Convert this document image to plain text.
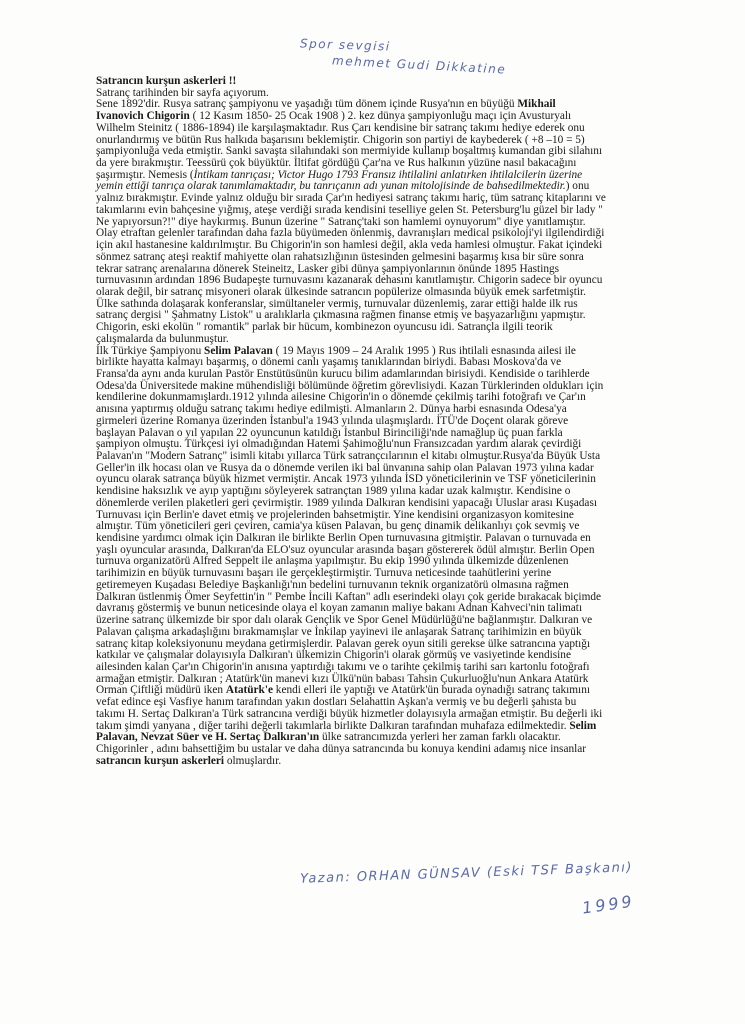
Spor sevgisi
mehmet Gudi Dikkatine

Satrancın kurşun askerleri !!

Satranç tarihinden bir sayfa açıyorum.

Sene 1892'dir. Rusya satranç şampiyonu ve yaşadığı tüm dönem içinde Rusya'nın en büyüğü Mikhail

Ivanovich Chigorin ( 12 Kasım 1850- 25 Ocak 1908 ) 2. kez dünya şampiyonluğu maçı için Avusturyalı

Wilhelm Steinitz ( 1886-1894) ile karşılaşmaktadır. Rus Çarı kendisine bir satranç takımı hediye ederek onu

onurlandırmış ve bütün Rus halkıda başarısını beklemiştir. Chigorin son partiyi de kaybederek ( +8 –10 = 5)

şampiyonluğa veda etmiştir. Sanki savaşta silahındaki son mermiyide kullanıp boşaltmış kumandan gibi silahını

da yere bırakmıştır. Teessürü çok büyüktür. İltifat gördüğü Çar'na ve Rus halkının yüzüne nasıl bakacağını

şaşırmıştır. Nemesis (İntikam tanrıçası; Victor Hugo 1793 Fransız ihtilalini anlatırken ihtilalcilerin üzerine

yemin ettiği tanrıça olarak tanımlamaktadır, bu tanrıçanın adı yunan mitolojisinde de bahsedilmektedir.) onu

yalnız bırakmıştır. Evinde yalnız olduğu bir sırada Çar'ın hediyesi satranç takımı hariç, tüm satranç kitaplarını ve

takımlarını evin bahçesine yığmış, ateşe verdiği sırada kendisini teselliye gelen St. Petersburg'lu güzel bir lady "

Ne yapıyorsun?!" diye haykırmış. Bunun üzerine " Satranç'taki son hamlemi oynuyorum" diye yanıtlamıştır.

Olay etraftan gelenler tarafından daha fazla büyümeden önlenmiş, davranışları medical psikoloji'yi ilgilendirdiği

için akıl hastanesine kaldırılmıştır. Bu Chigorin'in son hamlesi değil, akla veda hamlesi olmuştur. Fakat içindeki

sönmez satranç ateşi reaktif mahiyette olan rahatsızlığının üstesinden gelmesini başarmış kısa bir süre sonra

tekrar satranç arenalarına dönerek Steineitz, Lasker gibi dünya şampiyonlarının önünde 1895 Hastings

turnuvasının ardından 1896 Budapeşte turnuvasını kazanarak dehasını kanıtlamıştır. Chigorin sadece bir oyuncu

olarak değil, bir satranç misyoneri olarak ülkesinde satrancın popülerize olmasında büyük emek sarfetmiştir.

Ülke sathında dolaşarak konferanslar, simültaneler vermiş, turnuvalar düzenlemiş, zarar ettiği halde ilk rus

satranç dergisi " Şahmatny Listok" u aralıklarla çıkmasına rağmen finanse etmiş ve başyazarlığını yapmıştır.

Chigorin, eski ekolün " romantik" parlak bir hücum, kombinezon oyuncusu idi. Satrançla ilgili teorik

çalışmalarda da bulunmuştur.

İlk Türkiye Şampiyonu Selim Palavan ( 19 Mayıs 1909 – 24 Aralık 1995 ) Rus ihtilali esnasında ailesi ile

birlikte hayatta kalmayı başarmış, o dönemi canlı yaşamış tanıklarından biriydi. Babası Moskova'da ve

Fransa'da aynı anda kurulan Pastör Enstütüsünün kurucu bilim adamlarından birisiydi. Kendiside o tarihlerde

Odesa'da Üniversitede makine mühendisliği bölümünde öğretim görevlisiydi. Kazan Türklerinden oldukları için

kendilerine dokunmamışlardı.1912 yılında ailesine Chigorin'in o dönemde çekilmiş tarihi fotoğrafı ve Çar'ın

anısına yaptırmış olduğu satranç takımı hediye edilmişti. Almanların 2. Dünya harbi esnasında Odesa'ya

girmeleri üzerine Romanya üzerinden İstanbul'a 1943 yılında ulaşmışlardı. İTÜ'de Doçent olarak göreve

başlayan Palavan o yıl yapılan 22 oyuncunun katıldığı İstanbul Birinciliği'nde namağlup üç puan farkla

şampiyon olmuştu. Türkçesi iyi olmadığından Hatemi Şahimoğlu'nun Fransızcadan yardım alarak çevirdiği

Palavan'ın "Modern Satranç" isimli kitabı yıllarca Türk satrançcılarının el kitabı olmuştur.Rusya'da Büyük Usta

Geller'in ilk hocası olan ve Rusya da o dönemde verilen iki bal ünvanına sahip olan Palavan 1973 yılına kadar

oyuncu olarak satrança büyük hizmet vermiştir. Ancak 1973 yılında İSD yöneticilerinin ve TSF yöneticilerinin

kendisine haksızlık ve ayıp yaptığını söyleyerek satrançtan 1989 yılına kadar uzak kalmıştır. Kendisine o

dönemlerde verilen plaketleri geri çevirmiştir. 1989 yılında Dalkıran kendisini yapacağı Uluslar arası Kuşadası

Turnuvası için Berlin'e davet etmiş ve projelerinden bahsetmiştir. Yine kendisini organizasyon komitesine

almıştır. Tüm yöneticileri geri çeviren, camia'ya küsen Palavan, bu genç dinamik delikanlıyı çok sevmiş ve

kendisine yardımcı olmak için Dalkıran ile birlikte Berlin Open turnuvasına gitmiştir. Palavan o turnuvada en

yaşlı oyuncular arasında, Dalkıran'da ELO'suz oyuncular arasında başarı göstererek ödül almıştır. Berlin Open

turnuva organizatörü Alfred Seppelt ile anlaşma yapılmıştır. Bu ekip 1990 yılında ülkemizde düzenlenen

tarihimizin en büyük turnuvasını başarı ile gerçekleştirmiştir. Turnuva neticesinde taahütlerini yerine

getiremeyen Kuşadası Belediye Başkanlığı'nın bedelini turnuvanın teknik organizatörü olmasına rağmen

Dalkıran üstlenmiş Ömer Seyfettin'in " Pembe İncili Kaftan" adlı eserindeki olayı çok geride bırakacak biçimde

davranış göstermiş ve bunun neticesinde olaya el koyan zamanın maliye bakanı Adnan Kahveci'nin talimatı

üzerine satranç ülkemizde bir spor dalı olarak Gençlik ve Spor Genel Müdürlüğü'ne bağlanmıştır. Dalkıran ve

Palavan çalışma arkadaşlığını bırakmamışlar ve İnkilap yayinevi ile anlaşarak Satranç tarihimizin en büyük

satranç kitap koleksiyonunu meydana getirmişlerdir. Palavan gerek oyun sitili gerekse ülke satrancına yaptığı

katkılar ve çalışmalar dolayısıyla Dalkıran'ı ülkemizin Chigorin'i olarak görmüş ve vasiyetinde kendisine

ailesinden kalan Çar'ın Chigorin'in anısına yaptırdığı takımı ve o tarihte çekilmiş tarihi sarı kartonlu fotoğrafı

armağan etmiştir. Dalkıran ; Atatürk'ün manevi kızı Ülkü'nün babası Tahsin Çukurluoğlu'nun Ankara Atatürk

Orman Çiftliği müdürü iken Atatürk'e kendi elleri ile yaptığı ve Atatürk'ün burada oynadığı satranç takımını

vefat edince eşi Vasfiye hanım tarafından yakın dostları Selahattin Aşkan'a vermiş ve bu değerli şahısta bu

takımı H. Sertaç Dalkıran'a Türk satrancına verdiği büyük hizmetler dolayısıyla armağan etmiştir. Bu değerli iki

takım şimdi yanyana , diğer tarihi değerli takımlarla birlikte Dalkıran tarafından muhafaza edilmektedir. Selim

Palavan, Nevzat Süer ve H. Sertaç Dalkıran'ın ülke satrancımızda yerleri her zaman farklı olacaktır.

Chigorinler , adını bahsettiğim bu ustalar ve daha dünya satrancında bu konuya kendini adamış nice insanlar

satrancın kurşun askerleri olmuşlardır.

Yazan: ORHAN GÜNSAV (Eski TSF Başkanı)
1999
